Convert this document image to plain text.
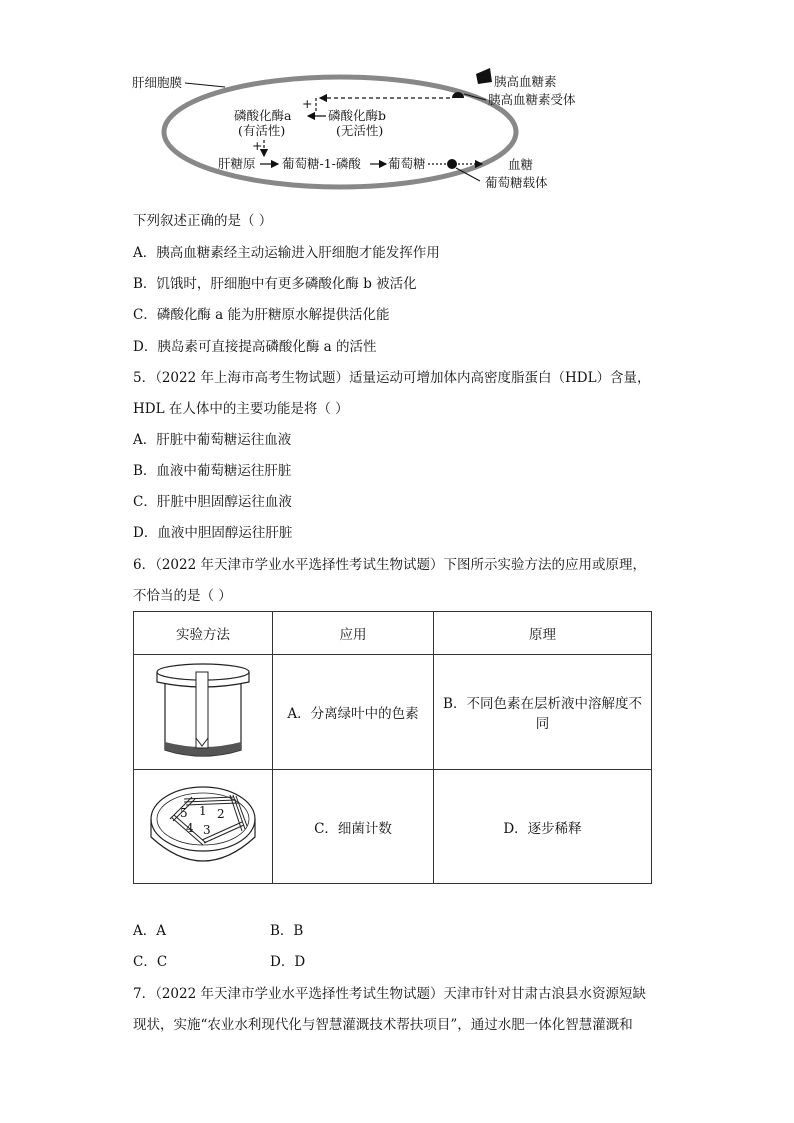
肝细胞膜	胰高血糖素
胰高血糖素受体
+
磷酸化酶b
(无活性)
磷酸化酶a
(有活性)
+
肝糖原 葡萄糖-1-磷酸 葡萄糖	血糖
葡萄糖载体
下列叙述正确的是（ ）
A．胰高血糖素经主动运输进入肝细胞才能发挥作用
B．饥饿时，肝细胞中有更多磷酸化酶 b 被活化
C．磷酸化酶 a 能为肝糖原水解提供活化能
D．胰岛素可直接提高磷酸化酶 a 的活性
5．（2022 年上海市高考生物试题）适量运动可增加体内高密度脂蛋白（HDL）含量，
HDL 在人体中的主要功能是将（ ）
A．肝脏中葡萄糖运往血液
B．血液中葡萄糖运往肝脏
C．肝脏中胆固醇运往血液
D．血液中胆固醇运往肝脏
6．（2022 年天津市学业水平选择性考试生物试题）下图所示实验方法的应用或原理，
不恰当的是（ ）
实验方法	应用	原理
	A．分离绿叶中的色素	B．不同色素在层析液中溶解度不同

1 2
3
4
5	C．细菌计数	D．逐步稀释
A．A	B．B
C．C	D．D
7．（2022 年天津市学业水平选择性考试生物试题）天津市针对甘肃古浪县水资源短缺
现状，实施“农业水利现代化与智慧灌溉技术帮扶项目”，通过水肥一体化智慧灌溉和
